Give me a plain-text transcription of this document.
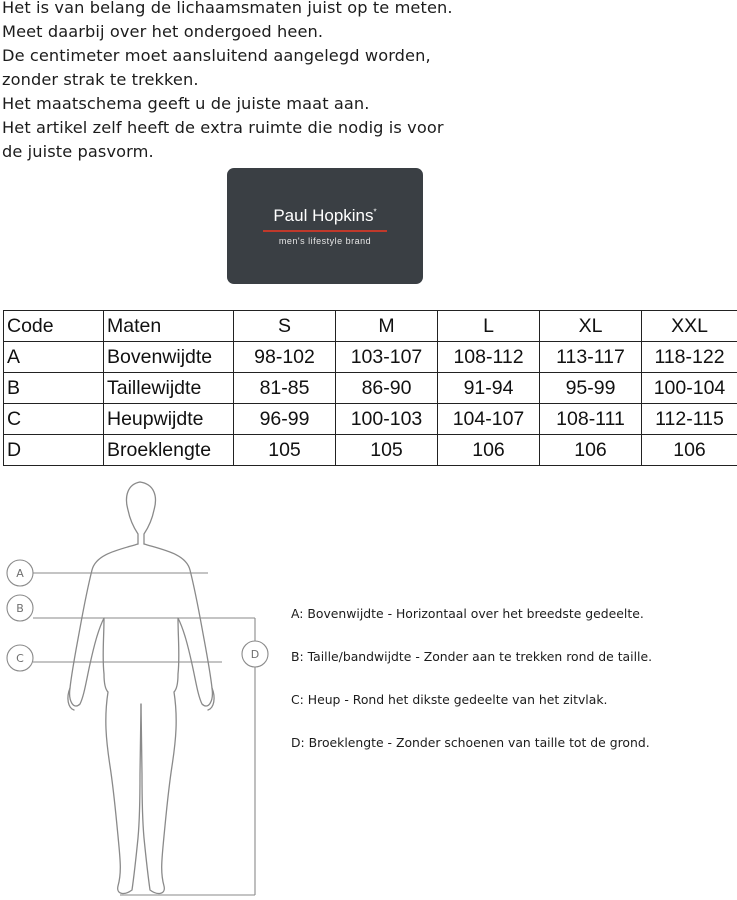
Het is van belang de lichaamsmaten juist op te meten.
Meet daarbij over het ondergoed heen.
De centimeter moet aansluitend aangelegd worden,
zonder strak te trekken.
Het maatschema geeft u de juiste maat aan.
Het artikel zelf heeft de extra ruimte die nodig is voor
de juiste pasvorm.
Paul Hopkins*
men's lifestyle brand
Code	Maten	S	M	L	XL	XXL
A	Bovenwijdte	98-102	103-107	108-112	113-117	118-122
B	Taillewijdte	81-85	86-90	91-94	95-99	100-104
C	Heupwijdte	96-99	100-103	104-107	108-111	112-115
D	Broeklengte	105	105	106	106	106
A
B
C	D
A: Bovenwijdte - Horizontaal over het breedste gedeelte.
B: Taille/bandwijdte - Zonder aan te trekken rond de taille.
C: Heup - Rond het dikste gedeelte van het zitvlak.
D: Broeklengte - Zonder schoenen van taille tot de grond.
